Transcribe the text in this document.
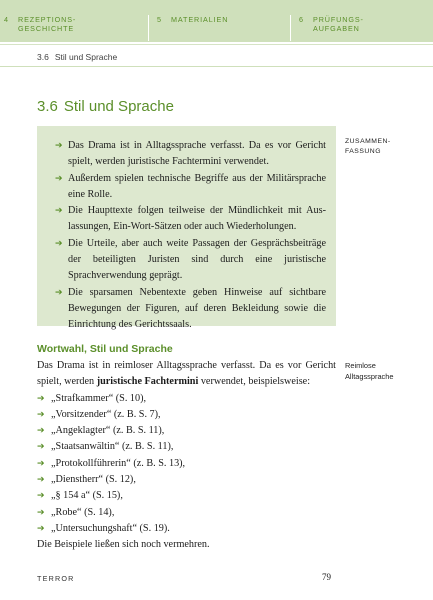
4 REZEPTIONS-
GESCHICHTE
5 MATERIALIEN	6 PRÜFUNGS-
AUFGABEN
3.6 Stil und Sprache
3.6 Stil und Sprache
ZUSAMMEN-
FASSUNG
➔ Das Drama ist in Alltagssprache verfasst. Da es vor Gericht spielt, werden juristische Fachtermini verwendet.
➔ Außerdem spielen technische Begriffe aus der Militärsprache eine Rolle.
➔ Die Haupttexte folgen teilweise der Mündlichkeit mit Auslassungen, Ein-Wort-Sätzen oder auch Wiederholungen.
➔ Die Urteile, aber auch weite Passagen der Gesprächsbeiträge der beteiligten Juristen sind durch eine juristische Sprachverwendung geprägt.
➔ Die sparsamen Nebentexte geben Hinweise auf sichtbare Bewegungen der Figuren, auf deren Bekleidung sowie die Einrichtung des Gerichtssaals.
Wortwahl, Stil und Sprache
Reimlose
Alltagssprache

Das Drama ist in reimloser Alltagssprache verfasst. Da es vor Gericht spielt, werden juristische Fachtermini verwendet, beispielsweise:

➔ „Strafkammer“ (S. 10),
➔ „Vorsitzender“ (z. B. S. 7),
➔ „Angeklagter“ (z. B. S. 11),
➔ „Staatsanwältin“ (z. B. S. 11),
➔ „Protokollführerin“ (z. B. S. 13),
➔ „Dienstherr“ (S. 12),
➔ „§ 154 a“ (S. 15),
➔ „Robe“ (S. 14),
➔ „Untersuchungshaft“ (S. 19).

Die Beispiele ließen sich noch vermehren.

TERROR	79
